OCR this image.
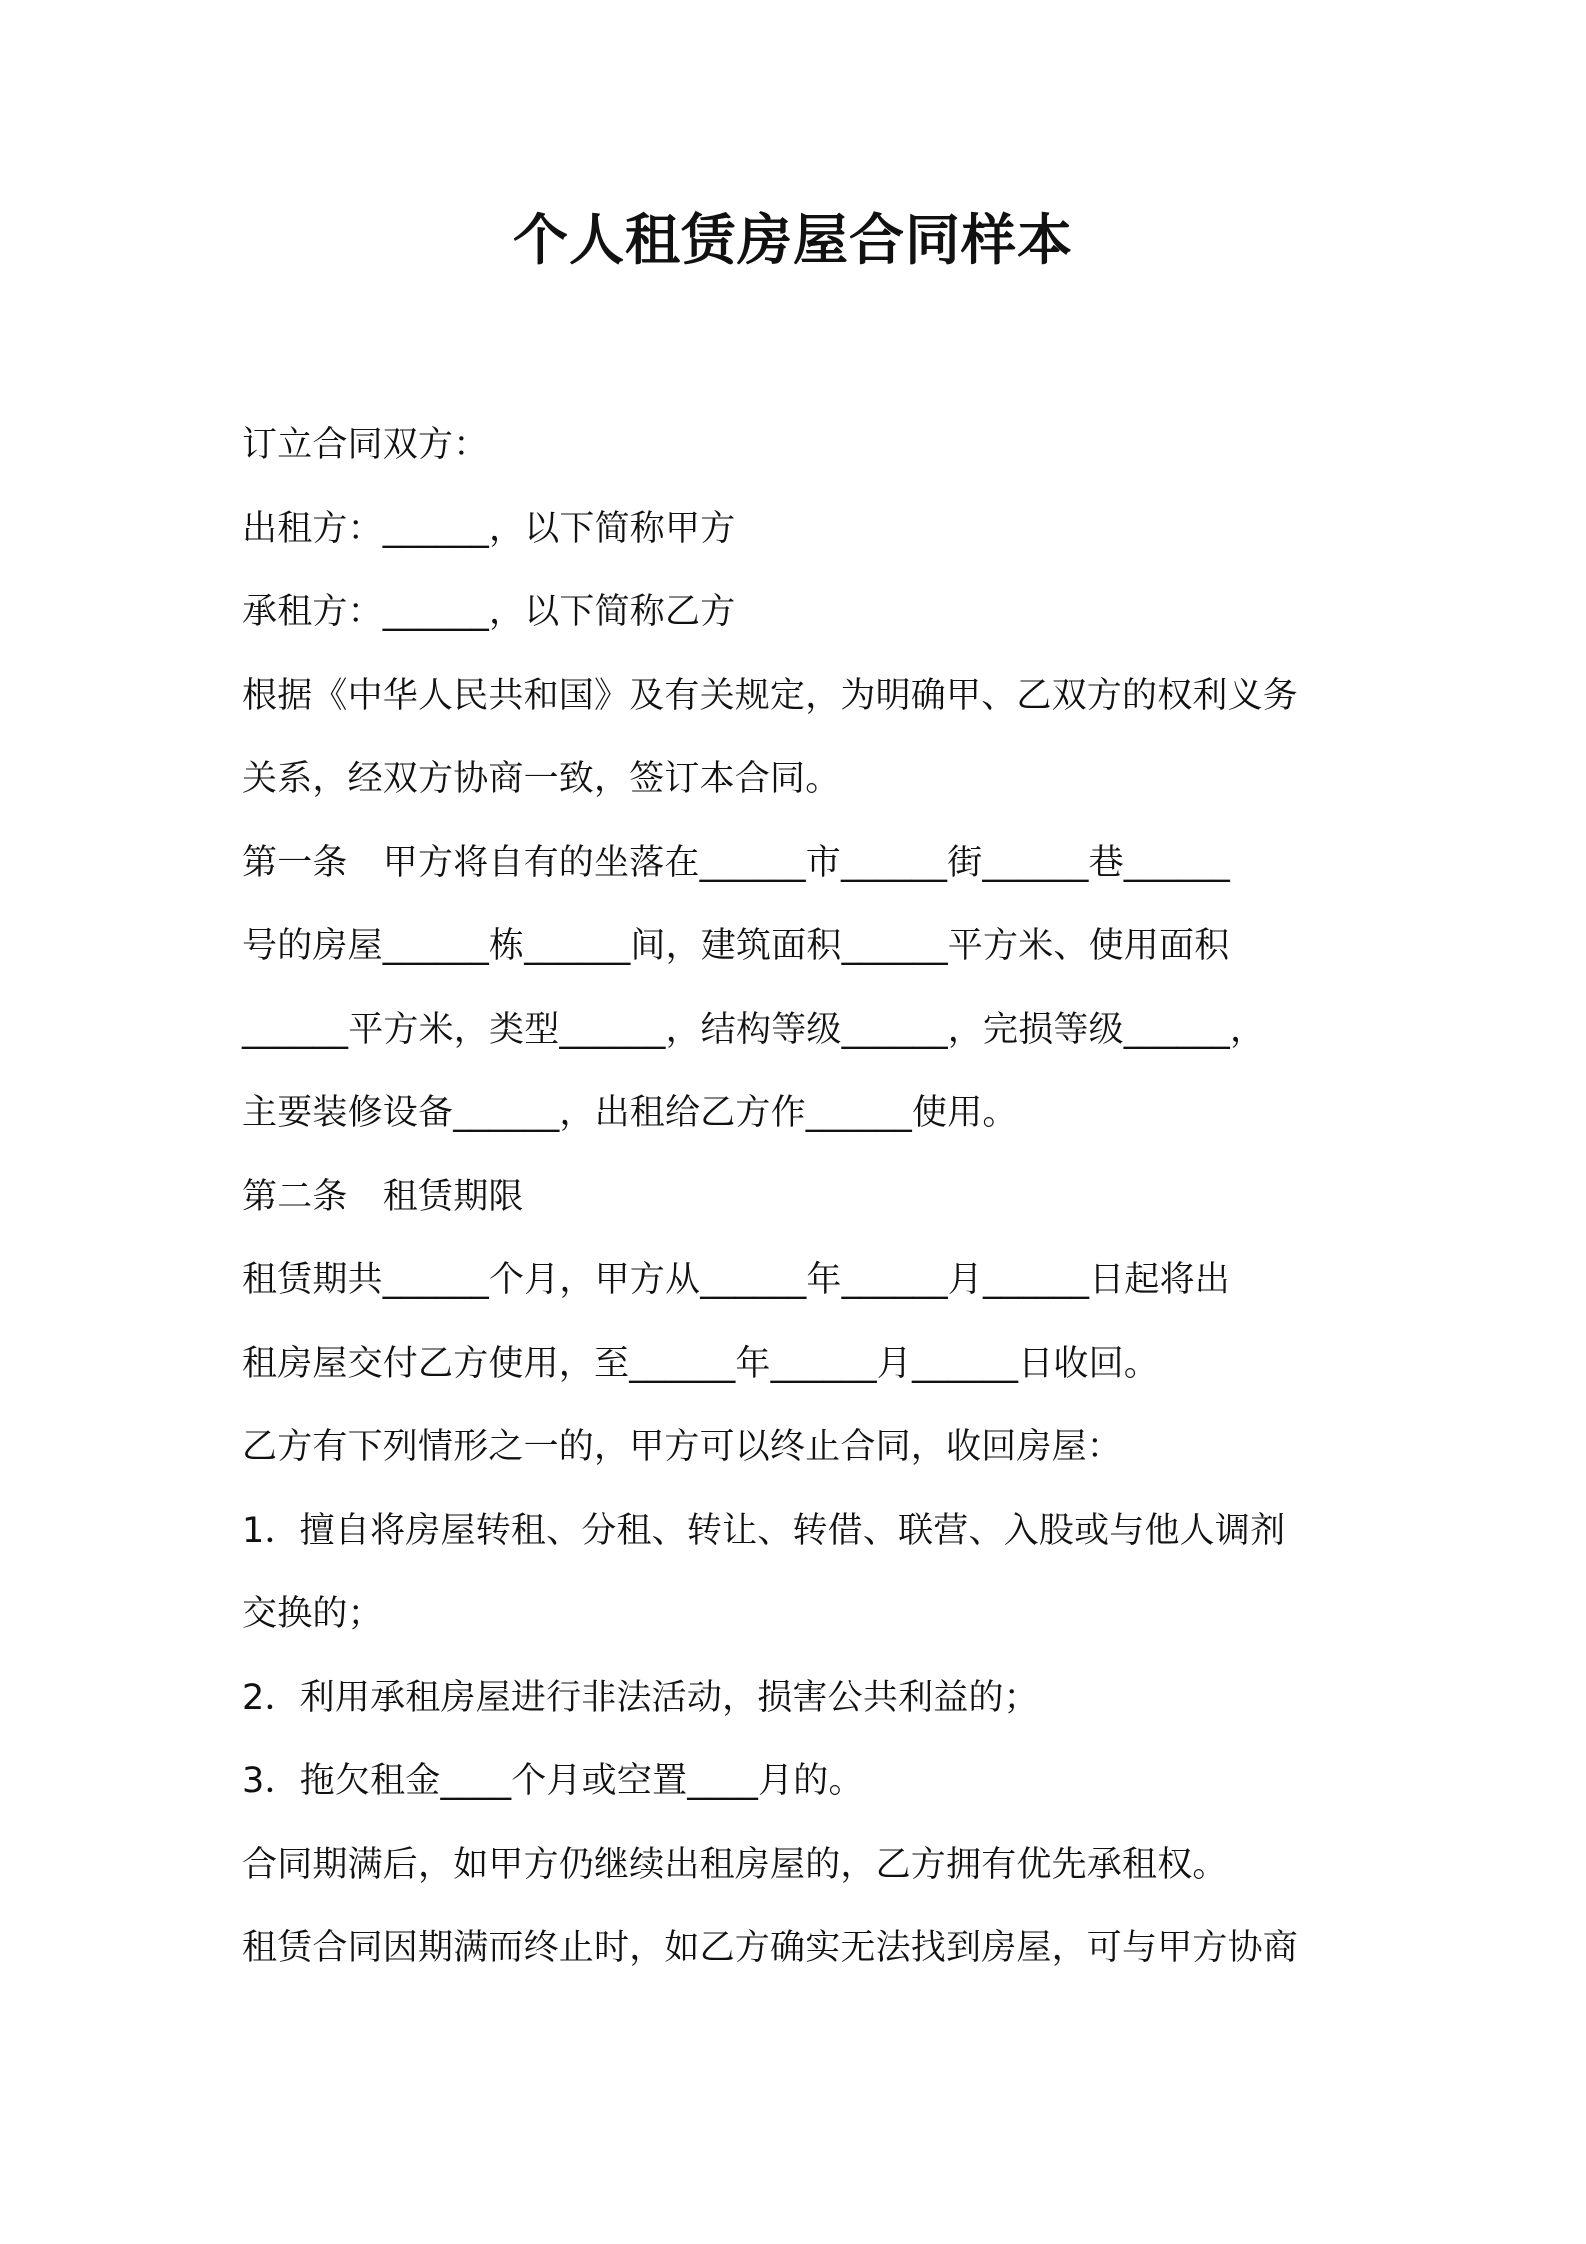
个人租赁房屋合同样本
订立合同双方：
出租方：______，以下简称甲方
承租方：______，以下简称乙方
根据《中华人民共和国》及有关规定，为明确甲、乙双方的权利义务
关系，经双方协商一致，签订本合同。
第一条　甲方将自有的坐落在______市______街______巷______
号的房屋______栋______间，建筑面积______平方米、使用面积
______平方米，类型______，结构等级______，完损等级______，
主要装修设备______，出租给乙方作______使用。
第二条　租赁期限
租赁期共______个月，甲方从______年______月______日起将出
租房屋交付乙方使用，至______年______月______日收回。
乙方有下列情形之一的，甲方可以终止合同，收回房屋：
1．擅自将房屋转租、分租、转让、转借、联营、入股或与他人调剂
交换的；
2．利用承租房屋进行非法活动，损害公共利益的；
3．拖欠租金____个月或空置____月的。
合同期满后，如甲方仍继续出租房屋的，乙方拥有优先承租权。
租赁合同因期满而终止时，如乙方确实无法找到房屋，可与甲方协商
